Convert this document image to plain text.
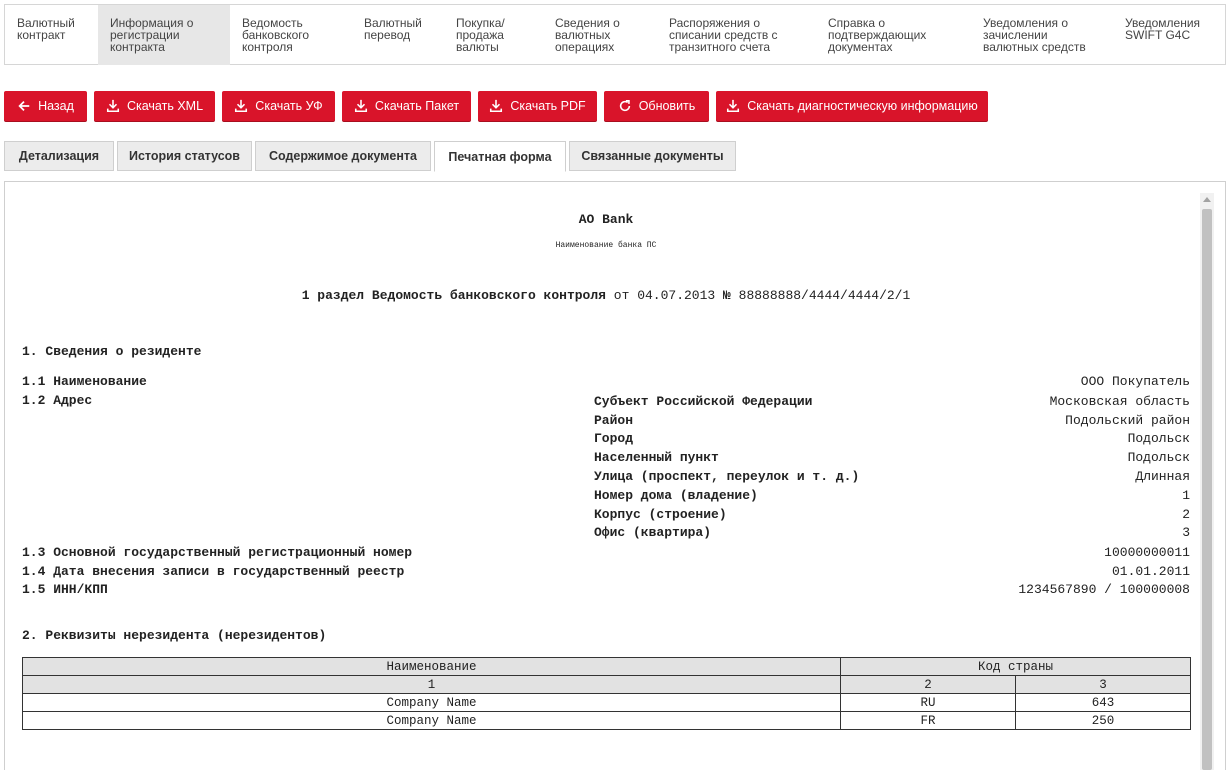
Валютный
контракт
Информация о
регистрации
контракта
Ведомость
банковского
контроля
Валютный
перевод
Покупка/
продажа
валюты
Сведения о
валютных
операциях
Распоряжения о
списании средств с
транзитного счета
Справка о
подтверждающих
документах
Уведомления о
зачислении
валютных средств
Уведомления
SWIFT G4C
Назад	Скачать XML	Скачать УФ	Скачать Пакет	Скачать PDF	Обновить	Скачать диагностическую информацию
Детализация История статусов Содержимое документа	Печатная форма Связанные документы
AO Bank
Наименование банка ПС
1 раздел Ведомость банковского контроля от 04.07.2013 № 88888888/4444/4444/2/1
1. Сведения о резиденте
1.1 Наименование	ООО Покупатель
1.2 Адрес	Субъект Российской Федерации	Московская область
Район	Подольский район
Город	Подольск
Населенный пункт	Подольск
Улица (проспект, переулок и т. д.)	Длинная
Номер дома (владение)	1
Корпус (строение)	2
Офис (квартира)	3
1.3 Основной государственный регистрационный номер	10000000011
1.4 Дата внесения записи в государственный реестр	01.01.2011
1.5 ИНН/КПП	1234567890 / 100000008
2. Реквизиты нерезидента (нерезидентов)
Наименование	Код страны	
1	2	3
Company Name	RU	643
Company Name	FR	250
